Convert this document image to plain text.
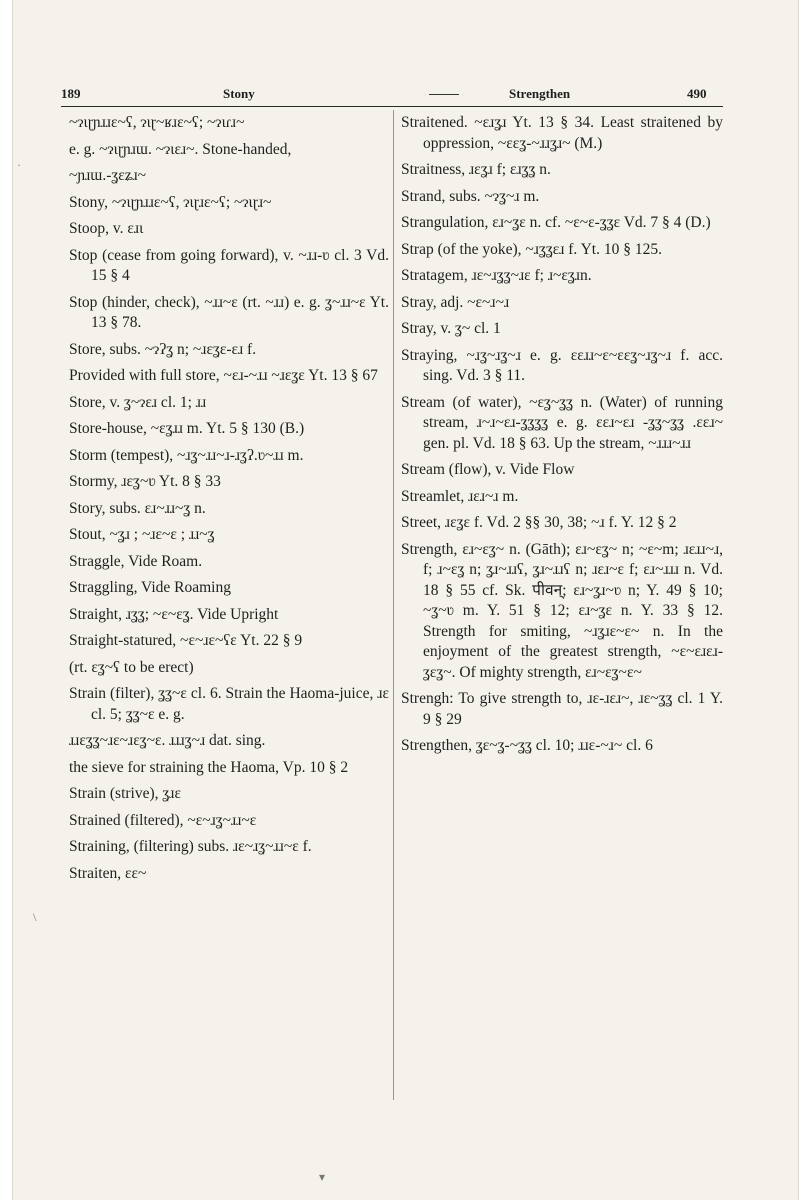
189	Stony	Strengthen	490

~ɂɩɽɲɹɹɛ~ʕ, ɂɩɽ~ʁɹɛ~ʕ; ~ɂɩɾɹ~

e. g. ~ɂɩɽɲɹɯ. ~ɂɩɛɹ~. Stone-handed,

~ɲɹɯ.-ʓɛʑɹ~

Stony, ~ɂɩɽɲɹɹɛ~ʕ, ɂɩɽɹɛ~ʕ; ~ɂɩɽɹ~

Stoop, v. ɛɹɩ

Stop (cease from going forward), v. ~ɹɹ-ʋ cl. 3 Vd. 15 § 4

Stop (hinder, check), ~ɹɹ~ɛ (rt. ~ɹɹ) e. g. ʓ~ɹɹ~ɛ Yt. 13 § 78.

Store, subs. ~ɂʔʓ n; ~ɹɛʓɛ-ɛɹ f.

Provided with full store, ~ɛɹ-~ɹɹ ~ɹɛʓɛ Yt. 13 § 67

Store, v. ʓ~ɂɛɹ cl. 1; ɹɹ

Store-house, ~ɛʓɹɹ m. Yt. 5 § 130 (B.)

Storm (tempest), ~ɹʓ~ɹɹ~ɹ-ɹʓʔ.ʋ~ɹɹ m.

Stormy, ɹɛʓ~ʋ Yt. 8 § 33

Story, subs. ɛɹ~ɹɹ~ʓ n.

Stout, ~ʓɹ ; ~ɹɛ~ɛ ; ɹɹ~ʓ

Straggle, Vide Roam.

Straggling, Vide Roaming

Straight, ɹʓʓ; ~ɛ~ɛʓ. Vide Upright

Straight-statured, ~ɛ~ɹɛ~ʕɛ Yt. 22 § 9

(rt. ɛʓ~ʕ to be erect)

Strain (filter), ʓʓ~ɛ cl. 6. Strain the Haoma-juice, ɹɛ cl. 5; ʓʓ~ɛ e. g.

ɹɹɛʓʓ~ɹɛ~ɹɛʓ~ɛ. ɹɹɹʓ~ɹ dat. sing.

the sieve for straining the Haoma, Vp. 10 § 2

Strain (strive), ʓɹɛ

Strained (filtered), ~ɛ~ɹʓ~ɹɹ~ɛ

Straining, (filtering) subs. ɹɛ~ɹʓ~ɹɹ~ɛ f.

Straiten, ɛɛ~

Straitened. ~ɛɹʓɹ Yt. 13 § 34. Least straitened by oppression, ~ɛɛʓ-~ɹɹʓɹ~ (M.)

Straitness, ɹɛʓɹ f; ɛɹʓʓ n.

Strand, subs. ~ɂʓ~ɹ m.

Strangulation, ɛɹ~ʓɛ n. cf. ~ɛ~ɛ-ʓʓɛ Vd. 7 § 4 (D.)

Strap (of the yoke), ~ɹʓʓɛɹ f. Yt. 10 § 125.

Stratagem, ɹɛ~ɹʓʓ~ɹɛ f; ɹ~ɛʓɹn.

Stray, adj. ~ɛ~ɹ~ɹ

Stray, v. ʓ~ cl. 1

Straying, ~ɹʓ~ɹʓ~ɹ e. g. ɛɛɹɹ~ɛ~ɛɛʓ~ɹʓ~ɹ f. acc. sing. Vd. 3 § 11.

Stream (of water), ~ɛʓ~ʓʓ n. (Water) of running stream, ɹ~ɹ~ɛɹ-ʓʓʓʓ e. g. ɛɛɹ~ɛɹ -ʓʓ~ʓʓ .ɛɛɹ~ gen. pl. Vd. 18 § 63. Up the stream, ~ɹɹɹ~ɹɹ

Stream (flow), v. Vide Flow

Streamlet, ɹɛɹ~ɹ m.

Street, ɹɛʓɛ f. Vd. 2 §§ 30, 38; ~ɹ f. Y. 12 § 2

Strength, ɛɹ~ɛʓ~ n. (Gāth); ɛɹ~ɛʓ~ n; ~ɛ~m; ɹɛɹɹ~ɹ, f; ɹ~ɛʓ n; ʓɹ~ɹɹʕ, ʓɹ~ɹɹʕ n; ɹɛɹ~ɛ f; ɛɹ~ɹɹɹ n. Vd. 18 § 55 cf. Sk. पीवन्; ɛɹ~ʓɹ~ʋ n; Y. 49 § 10; ~ʓ~ʋ m. Y. 51 § 12; ɛɹ~ʓɛ n. Y. 33 § 12. Strength for smiting, ~ɹʓɹɛ~ɛ~ n. In the enjoyment of the greatest strength, ~ɛ~ɛɹɛɹ-ʓɛʓ~. Of mighty strength, ɛɹ~ɛʓ~ɛ~

Strengh: To give strength to, ɹɛ-ɹɛɹ~, ɹɛ~ʓʓ cl. 1 Y. 9 § 29

Strengthen, ʓɛ~ʓ-~ʓʓ cl. 10; ɹɹɛ-~ɹ~ cl. 6

·
\
▾
